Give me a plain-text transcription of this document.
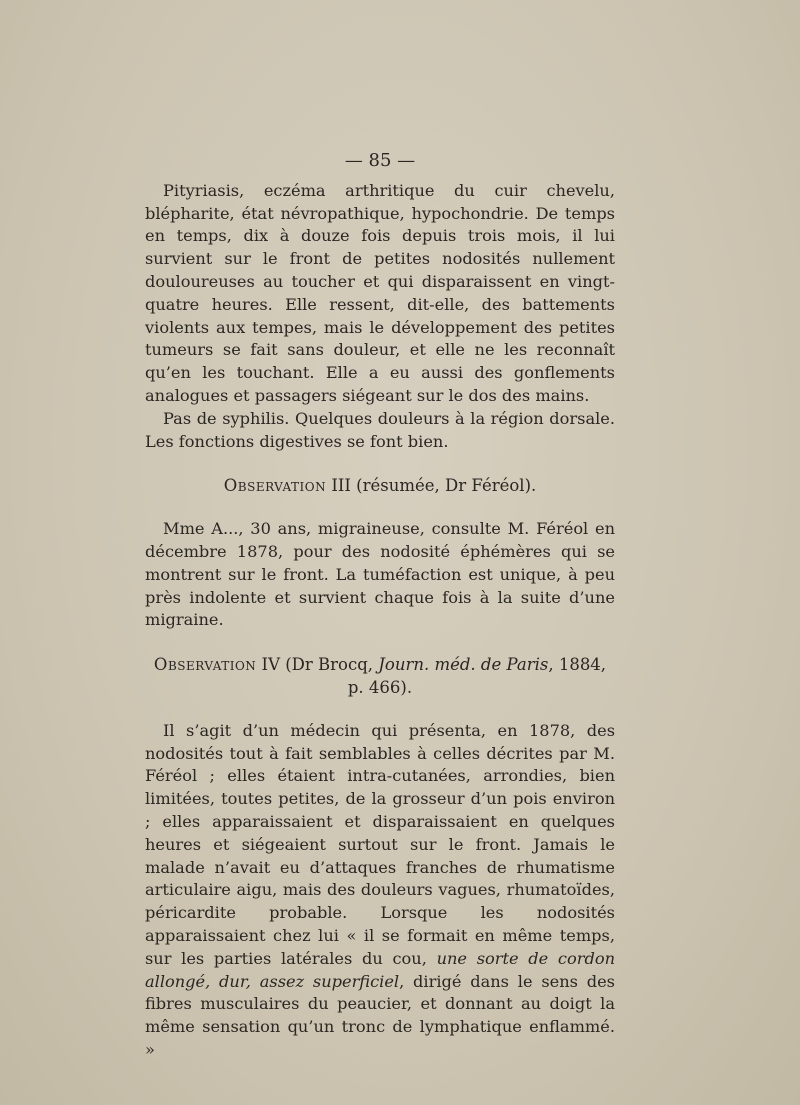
— 85 —

Pityriasis, eczéma arthritique du cuir chevelu, blépharite, état névropathique, hypochondrie. De temps en temps, dix à douze fois depuis trois mois, il lui survient sur le front de petites nodosités nullement douloureuses au toucher et qui disparaissent en vingt-quatre heures. Elle ressent, dit-elle, des battements violents aux tempes, mais le développement des petites tumeurs se fait sans douleur, et elle ne les reconnaît qu’en les touchant. Elle a eu aussi des gonflements analogues et passagers siégeant sur le dos des mains.

Pas de syphilis. Quelques douleurs à la région dorsale. Les fonctions digestives se font bien.

Observation III (résumée, Dr Féréol).

Mme A..., 30 ans, migraineuse, consulte M. Féréol en décembre 1878, pour des nodosité éphémères qui se montrent sur le front. La tuméfaction est unique, à peu près indolente et survient chaque fois à la suite d’une migraine.

Observation IV (Dr Brocq, Journ. méd. de Paris, 1884, p. 466).

Il s’agit d’un médecin qui présenta, en 1878, des nodosités tout à fait semblables à celles décrites par M. Féréol ; elles étaient intra-cutanées, arrondies, bien limitées, toutes petites, de la grosseur d’un pois environ ; elles apparaissaient et disparaissaient en quelques heures et siégeaient surtout sur le front. Jamais le malade n’avait eu d’attaques franches de rhumatisme articulaire aigu, mais des douleurs vagues, rhumatoïdes, péricardite probable. Lorsque les nodosités apparaissaient chez lui « il se formait en même temps, sur les parties latérales du cou, une sorte de cordon allongé, dur, assez superficiel, dirigé dans le sens des fibres musculaires du peaucier, et donnant au doigt la même sensation qu’un tronc de lymphatique enflammé. »
